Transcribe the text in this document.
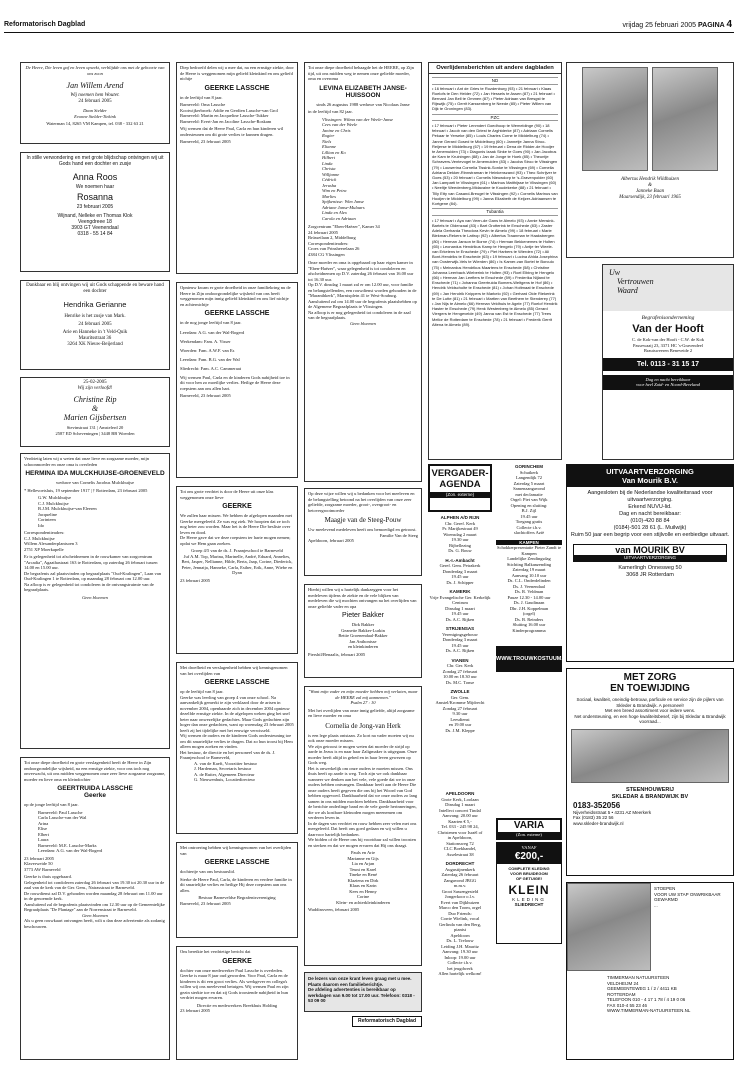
Reformatorisch Dagblad	vrijdag 25 februari 2005 PAGINA 4
De Heere, Die leven gaf en leven opwekt, verblijdde ons met de geboorte van ons zoon
Jan Willem Arend
Wij noemen hem Wouter.
24 februari 2005
Daan Stelder
Evonne Stelder-Tiekink
Waterman 14, 8265 VM Kampen, tel. 038 - 332 63 21
In stille verwondering en met grote blijdschap ontvingen wij uit Gods hand een dochter en zusje
Anna Roos
We noemen haar
Rosanna
23 februari 2005
Wijnand, Nelleke en Thomas Klok
Veengdreee 18
3903 GT Veenendaal
0318 - 55 14 84
Dankbaar en blij ontvingen wij uit Gods schappende en beware hand een dochter
Hendrika Gerianne
Henrike is het zusje van Mark.
24 februari 2005
Arie en Hanneke in 't Veld-Quik
Mauritsstraat 36
3264 XK Nieuw-Beijerland
25-02-2005
Wij zijn verloofd!
Christine Rip
&
Marien Gijsbertsen
Stevinstraat 131 | Amstelerd 20
2587 ED Scheveningen | 3448 BB Woerden
Verdrietig laten wij u weten dat onze lieve en zorgzame moeder, mijn schoonmoeder en onze oma is overleden
HERMINA IDA MULCKHUIJSE-GROENEVELD
weduwe van Cornelis Jacobus Mulckhuijse
* Hellevoetsluis, 19 september 1917 | † Rotterdam, 23 februari 2005
G.W. Mulckhuijse
C.J. Mulckhuijse
B.J.M. Mulckhuijse-van Eleeren
Jacqueline
Corinteen
Ido
Correspondentieadres:
C.J. Mulckhuijse
Willem Alexanderplantsoen 3
2751 XP Moerkapelle
Er is gelegenheid tot afscheidnemen in de rouwkamer van zorgcentrum "Arcadia", Agaathastraat 163 te Rotterdam, op zaterdag 26 februari tussen 14.00 en 15.00 uur.
De begrafenis zal plaatsvinden op begraafplaats "Oud-Kralingen", Laan van Oud-Kralingen 1 te Rotterdam, op maandag 28 februari om 12.00 uur.
Na afloop is er gelegenheid tot condoleren in de ontvangstruimte van de begraafplaats.
Geen bloemen
Tot onze diepe droefheid en grote verslagenheid heeft de Heere in Zijn ondoorgrondelijke wijsheid, na een ernstige ziekte, voor ons toch nog onverwacht, uit ons midden weggenomen onze zeer lieve zorgzame zorgzame, moeder en lieve oma en kleindochter
GEERTRUIDA LASSCHE
Geerke
op de jonge leeftijd van 8 jaar.
Barneveld: Paul Lassche
Carla Lassche-van der Wal
Arina
Elise
Elbert
Laura
Barneveld: M.E. Lassche-Marks
Leerdam: A.G. van der Wal-Bogerd
23 februari 2005
Klaverweide 50
3773 AW Barneveld
Geerke is thuis opgebaard.
Gelegenheid tot condoleren zaterdag 26 februari van 19.30 tot 20.30 uur in de zaal van de kerk van de Ger. Gem., Nairasstraat te Barneveld.
De rouwdienst zal D.V. gehouden worden maandag 28 februari om 11.00 uur in de genoemde kerk.
Aansluitend zal de begrafenis plaatsvinden om 12.30 uur op de Gemeentelijke Begraafplaats "De Plantage" aan de Norrenstraat te Barneveld.
Geen bloemen
Als u geen rouwkaart ontvangen heeft, wilt u dan deze advertentie als zodanig beschouwen.
Diep bedroefd delen wij u mee dat, na een ernstige ziekte, door de Heere is weggenomen mijn geliefd kleinkind en ons geliefd nichtje
GEERKE LASSCHE
in de leeftijd van 8 jaar.
Barneveld: Oma Lassche
Kootwijkerbroek: Addie en Gerdien Lassche-van Grol
Barneveld: Martin en Jacqueline Lassche-Tukker
Barneveld: Evert-Jan en Jacoline Lassche-Roskam
Wij wensen dat de Heere Paul, Carla en hun kinderen wil ondersteunen om dit grote verlies te kunnen dragen.
Barneveld, 23 februari 2005
Opnieuw kwam er grote droefheid in onze familiekring nu de Heere in Zijn ondoorgrondelijke wijsheid van ons heeft weggenomen mijn innig geliefd kleinkind en ons lief nichtje en achternichtje
GEERKE LASSCHE
in de nog jonge leeftijd van 8 jaar.
Leerdam: A.G. van der Wal-Bogerd
Werkendam: Fam. A. Visser
Woerden: Fam. A.W.F. van Es
Leerdam: Fam. B.G. van der Wal
Sliedrecht: Fam. A.C. Cammeraat
Wij wensen Paul, Carla en de kinderen Gods nabijheid toe in dit voor hen zo moeilijke verlies. Heilige de Heere deze roepstem aan ons allen hart.
Barneveld, 23 februari 2005
Tot ons grote verdriet is door de Heere uit onze klas weggenomen onze lieve
GEERKE
We zullen haar missen. We hebben de afgelopen maanden met Geerke meegeleefd. Ze was erg ziek. We hoopten dat ze toch nog beter zou worden. Maar het is de Heere Die besliste over leven en dood.
De Heere gave dat we deze roepstem ter harte mogen nemen; opdat we Hem gaan zoeken.
Groep 4/5 van de ds. J. Fraanjeschool te Barneveld
Juf A.M. Top, Marina, Marinelle, André, Eduard, Annelies, Bert, Jasper, Nellianne, Hilde, Berta, Jaap, Corine, Diederick, Peter, Jennatja, Hanneke, Carla, Esther, Erik, Anne, Wiebe en Dyan
23 februari 2005
Met droefheid en verslagenheid hebben wij kennisgenomen van het overlijden van
GEERKE LASSCHE
op de leeftijd van 8 jaar.
Geerke was leerling van groep 4 van onze school. Na aanvankelijk gemerkt te zijn verklaard door de artsen in november 2004, openbaarde zich in december 2004 opnieuw dezelfde ernstige ziekte. In de afgelopen weken ging het snel beter naar onwezelijke gedachtes. Maar Gods gedachten zijn hoger dan onze gedachten, want op woensdag 23 februari 2005 heeft zij het tijdelijke met het eeuwige verwisseld.
Wij wensen de ouders en de kinderen Gods ondersteuning toe om dit smartelijke verlies te dragen. Dat zo hun troost bij Hem alleen mogen zoeken en vinden.
Het bestuur, de directie en het personeel van de ds. J. Fraanjeschool te Barneveld,
A. van de Kaeft, Voorzitter bestuur
J. Hardeman, Secretaris bestuur
A. de Ruiter, Algemeen Directeur
G. Nieuwenhuis, Locatiedirecteur
Met ontroering hebben wij kennisgenomen van het overlijden van
GEERKE LASSCHE
dochtertje van ons bestuurslid.
Sterke de Heere Paul, Carla, de kinderen en verdere familie in dit smartelijke verlies en heilige Hij deze roepstem aan ons allen.
Bestuur Barneveldse Begrafenisvereniging
Barneveld, 23 februari 2005
Ons bereikte het verdrietige bericht dat
GEERKE
dochter van onze medewerker Paul Lassche is overleden.
Geerke is maar 8 jaar oud geworden. Voor Paul, Carla en de kinderen is dit een groot verlies. Als werkgever en collega's willen wij ons meelevend betuigen. Wij wensen Paul en zijn gezin sterkte toe en dat zij Gods troostende nabijheid in hun verdriet mogen ervaren.
Directie en medewerkers Breekhuis Holding
23 februari 2005
Tot onze diepe droefheid behaagde het de HEERE, op Zijn tijd, uit ons midden weg te nemen onze geliefde moeder, oma en overoma
LEVINA ELIZABETH JANSE-HUISSOON
sinds 26 augustus 1988 weduwe van Nicolaas Janse
in de leeftijd van 82 jaar.
Vlissingen: Wilma van der Weele-Janse
Cees van der Weele
Janine en Chris
Rogier
Niels
Elianne
Lillian en Ko
Hilbert
Linda
Christa
Willjanne
Cédrick
Jerusha
Wim en Petra
Marlies
Spijkenisse: Wim Janse
Adriane Janse-Mulaars
Linda en Alex
Carola en Adriaan
Zorgcentrum "Eben-Haëzer", Kamer 34
24 februari 2005
Brüsseilaan 2, Middelburg
Correspondentieadres:
Croes van Prinsheerelaan 26
4384 CG Vlissingen
Onze moeder en oma is opgebaard op haar eigen kamer in "Eben-Haëzer", waar gelegenheid is tot condoleren en afscheidnemen op D.V. zaterdag 26 februari van 16.00 uur tot 16.30 uur.
Op D.V. dinsdag 1 maart zal er om 12.00 uur, voor familie en belangstellenden, een rouwdienst worden gehouden in de "Maranthkerk", Marnixplein 41 te West-Souburg.
Aansluitend zal om 14.00 uur de begrafenis plaatshebben op de Algemene Begraafplaats te Vlissingen.
Na afloop is er nog gelegenheid tot condoleren in de zaal van de begraafplaats.
Geen bloemen
Op deze wijze willen wij u bedanken voor het meeleven en de belangstelling betoond na het overlijden van onze zeer geliefde, zorgzame moeder, groot-, overgroot- en betovergrootmoeder
Maagje van de Steeg-Pouw
Uw meelevend medeleven heeft ons bemoedigd en getroost.
Familie Van de Steeg
Apeldoorn, februari 2005
Hierbij willen wij u hartelijk dankzeggen voor het medeleven tijdens de ziekte en de vele blijken van medeleven die wij mochten ontvangen na het overlijden van onze geliefde vader en opa
Pieter Bakker
Dirk Bakker
Geanette Bakker-Lurkin
Bettie Groenendaal-Bakker
Jan Anthonisse
en kleinkinderen
Piershil/Benaalis, februari 2005
"Want mijn vader en mijn moeder hebben mij verlaten, maar de HEERE zal mij aannemen."
Psalm 27 : 10
Met het overlijden van onze innig geliefde, altijd zorgzame en lieve moeder en oma
Cornelia de Jong-van Herk
is een lege plaats ontstaan. Zo kort na vader moeten wij nu ook onze moeder missen.
We zijn getroost te mogen weten dat moeder de strijd op aarde in Jezus is en naar haar Zaligmaker is uitgegaan. Onze moeder heeft altijd in gebed en in haar leven gewezen op Gods weg.
Het is onwerkelijk om onze ouders te moeten missen. Ons thuis heeft op aarde is weg. Toch zijn we ook dankbaar wanneer we denken aan het vele, vele goede dat we in onze ouders hebben ontvangen. Dankbaar heeft aan de Heere Die onze ouders heeft gegeven die ons bij het Woord van God hebben opgevoed. Dankbaarheid dat we onze ouders zo lang samen in ons midden mochten hebben. Dankbaarheid voor de berichte onderlinge band en de vele goede herinneringen, die we als kostbare kleinoden mogen meenemen om verderen leven in.
In de dagen van verdriet en rouw hebben zeer velen met ons meegeleefd. Dat heeft ons goed gedaan en wij willen u daarvoor hartelijk bedanken.
We bidden of de Heere ons bij voortduur zal willen troosten en sterken en dat we mogen ervaren dat Hij ons draagt.
Pauls en Arie
Marianne en Gijs
Lia en Arjan
Teuni en Karel
Tineke en René
Klaziena en Dirk
Klaas en Karin
Kees en Henny
Corine
Klein- en achterkleinkinderen
Waddinxveen, februari 2005
De lezers van onze krant leven graag met u mee. Plaats daarom een familieberichtje.
De afdeling advertenties is bereikbaar op werkdagen van 9.00 tot 17.00 uur. Telefoon: 0318 - 53 09 00
Reformatorisch Dagblad
Overlijdensberichten uit andere dagbladen
ND
• 16 februari • Ant de Gries te Rozdenburg (93) • 21 februari • Klaas Roelofs te Den Helder (72) • Jan Hessels te Assen (87) • 21 februari • Bernard Jan Bell te Ommen (87) • Pieter Adriaan van Bresgst te Rijswijk (75) • Gerrit Karssenberg te Neede (85) • Pieter Willem van Dijk te Groningen (83).
PZC
• 17 februari • Pieter Lenmdert Goedhoop te Wemeldinge (90) • 18 februari • Jacob van den Driest te Arghtderke (87) • Adriaan Cornelis Pekaar te Yerseke (85) • Louis Charles Corne te Middelburg (74) • Janne Gerard Gosed te Middelburg (60) • Jannetje Janna Stroo-Reijerse te Middelburg (67) • 19 februari • Dena de Ridder-de Hooijer te Arnemuiden (73) • Diagonis Izaak Sinke te Goes (90) • Jan Jacobus de Kam te Kruiningen (88) • Jan de Jonge te Hoek (85) • Theuntje Schravers-Ventevogel te Arnemuiden (83) • Jacoba Stroo te Vlissingen (79) • Louwerina Cornelia Tissink-Sonke te Vlissingen (69) • Cornelia Adriana Dekker-Rinnstraman te Heinkenszand (93) • Theo Schrijver te Goes (53) • 20 februari • Cornelis Nieuwdorp te 's-Gravenpolder (60) Jan Lamparti te Vlissingen (61) • Marinus Matthijsse te Vlissingen (60) • Neeltje Weedenberg-Midavaine te Koudekerke (88) • 21 februari • Tilly Etty van Casand-Breugel te Vlissingen (92) • Cornelis Marinus van Hooijen te Middelburg (99) • Janna Elizabeth de Keijzer-Adriaansen te Kortgene (84).
Tubantia
• 17 februari • Aya van Veen-de Gans te Almelo (93) • Annie Mensink-Bartels te Oldenzaal (83) • Bart Grotterink te Enschede (83) • Zaster Adela Gerharda Theodora Kevin te Almelo (99) • 18 februari • Marie Blekman-Rekers te Lattrop (92) • Albertus Traanman te Haaksbergen (80) • Herman Janson te Borne (74) • Herman Bekkenemes te Holten (65) • Leonardus Hendrikus Kamp te Hengelo (79) • Antje ter Weele-van Erkelens te Enschede (79) • Piet Harbers te Wierden (72) • Ali Bont-Hendriks te Enschede (63) • 19 februari • Lucina Ahlda Josephina van Oosterwijk-Vels te Wierden (86) • Is Kamer-van Bortel te Borculo (75) • Meinardus Hendrikus Maartens te Enschede (58) • Christine Johanna Leerbach-Wieberink te Holten (93) • Roel Elbing te Hengelo (66) • Herman Jan Leeflers te Enschede (59) • Frederika Nijland te Enschede (71) • Johanna Geertruida Bomers-Weltgens te Hof (86) • Hendrik Veldscholte te Enschede (81) • Johan Holtmaat te Enschede (69) • Jan Hendrik Knippers te Markelo (92) • Gerhard Olde Riekerink te De Lutte (81) • 21 februari • Martien van Beethem te Stenderey (77) • Jan Nijs te Almelo (66) Herman Veldhuis te Agele (77) Roelof Hendrik Haster te Enschede (79) Henk Westenberg te Almelo (85) Gerard Viergers te Hengevelde (49) Janna van Est te Enschede (77) Trees Mellor de Rotterdam te Enschede (78) • 21 februari • Frederik Gerrit Altena te Almelo (89).
VERGADER- AGENDA
(Zon. externe)
ALPHEN A/D RIJN
Chr. Geref. Kerk
Pr. Marijkestraat 49
Woensdag 2 maart
19.30 uur
Bijbellezing
Ds. G. Bouw
H.-I.-Ambacht
Geref. Gem. Petrakerk
Donderdag 3 maart
19.45 uur
Ds. J. Schipper
KAMERIK
Vrije Evangelische Ger. Kerkelijk Centrum
Dinsdag 1 maart
19.45 uur
Ds. A.C. Rijken
STRIJENSAS
Verenigingsgebouw
Donderdag 3 maart
19.45 uur
Ds. A.C. Rijken
VIANEN
Chr. Ger. Kerk
Zondag 27 februari
10.00 en 18.30 uur
Ds. M.C. Tonse
ZWOLLE
Ger. Gem.
Amstel/Kromme Mijdrecht
Zondag 27 februari
9.30 uur
Leesdienst
en 19.00 uur
Ds. J.M. Kleppe
APELDOORN
Grote Kerk, Loolaan
Dinsdag 1 maart
Intellect concert Tindal
Aanvang: 20.00 uur
Kaarten € 5,-
Tel. 033 - 245 98 24,
Christenen voor Israël of
in Apeldoorn,
Stationsweg 72
CLC Boekhandel,
Asselestraat 38
DORDRECHT
Augustijnenkerk
Zaterdag 26 februari
Zangavond JBGG
m.m.v.
Groot Sassengesteld
Jongerkoor o.l.v.
Evert van Dijkhuizen
Marco den Toom, orgel
Duo Friends:
Corrie Wielink, vocal
Gerlinda van den Berg,
pianist
Apeldoorn
Ds. L. Trelouw
Letding J.H. Mauritz
Aanvang: 19.30 uur
Inloop: 19.00 uur
Collecte t.b.v.
het jeugdwerk
Allen hartelijk welkom!
GORINCHEM
Schutkerk
Langendijk 72
Zaterdag 5 maart
Samenzangavond
met declamatie
Orgel: Piet van Wijk
Opening en sluiting:
B.J. Zijl
19.45 uur
Toegang gratis
Collecte t.b.v.
slachtoffers Azië
KAMPEN
Schokkerpresentatie Pieter Zandt te Kampen
Landelijke Zendingsdag
Stichting Balkanzending
Zaterdag 19 maart
Aanvang 10.10 uur
Ds. C.L. Onderdelinden
Ds. J. Veenendaal
Ds. R. Veldman
Pauze 12.30 - 14.00 uur
Ds. J. Gaudinaan
Dhr. J.H. Koppelman
(orgel)
Ds. B. Reinders
Sluiting 16.00 uur
Kinderprogramma
WWW.TROUWKOSTUUM.COM
VARIA
(Zon. externe)
VANAF
€200,-
COMPLETE KLEDING
VOOR BRUIDEGOM
OF GETUIGE!
KLEIN
KLEDING
SLIEDRECHT
Albertus Hendrik Wildhuizen
&
Janneke Baan
Maarsendijk, 23 februari 1965
Uw
Vertrouwen
Waard
Begrafenisonderneming
Van der Hooft
C. de Kok-van der Hooft - C.W. de Kok
Passewaaij 23, 3371 HC 's-Gravendeel
Brautsweeren Beneveide 2
Tel. 0113 - 31 15 17
Dag en nacht bereikbaar
voor heel Zuid- en Noord-Beveland
UITVAARTVERZORGING
Van Mourik B.V.
Aangesloten bij de Nederlandse kwaliteitsraad voor uitvaartverzorging.
Erkend NUVU-lid.
Dag en nacht bereikbaar:
(010)-420 88 84
(0184)-501 28 61 (L. Muilwijk)
Ruim 50 jaar een begrip voor een stijlvolle en eerbiedige uitvaart.
van MOURIK BV
UITVAARTVERZORGING
Kamerlingh Onnesweg 50
3068 JR Rotterdam
MET ZORG
EN TOEWIJDING
Sociaal, kwaliteit, oneindig-betrouw, parficule en service zijn de pijlers van Skleder & Brandwijk. A personeel!
Met een breed assortiment voor iedere wens.
Net ondersteuning, en een hoge kwaliteitsbesef, zijn bij Skledar & Brandwijk voorraad...
STEENHOUWERIJ
SKLEDAR & BRANDWIJK BV
0183-352056
Nijverheidsstraat 5 • 4231 AZ Meerkerk
Fax (0183) 35 22 56
www.skleder-brandwijk.nl
STOEPEN
VOOR UW STAP ONWRIKBAAR
GEWARMD
...
TIMMERMAN NATUURSTEEN
VELDHEIJM 24
GEEMEENTEWEG 1 / 2 / 4411 KB
ROTTERDAM
TELEFOON 010 - 4 17 1 78 / 4 19 0 06
FAX 010-4 55 23 46
WWW.TIMMERMAN-NATUURSTEEN.NL
